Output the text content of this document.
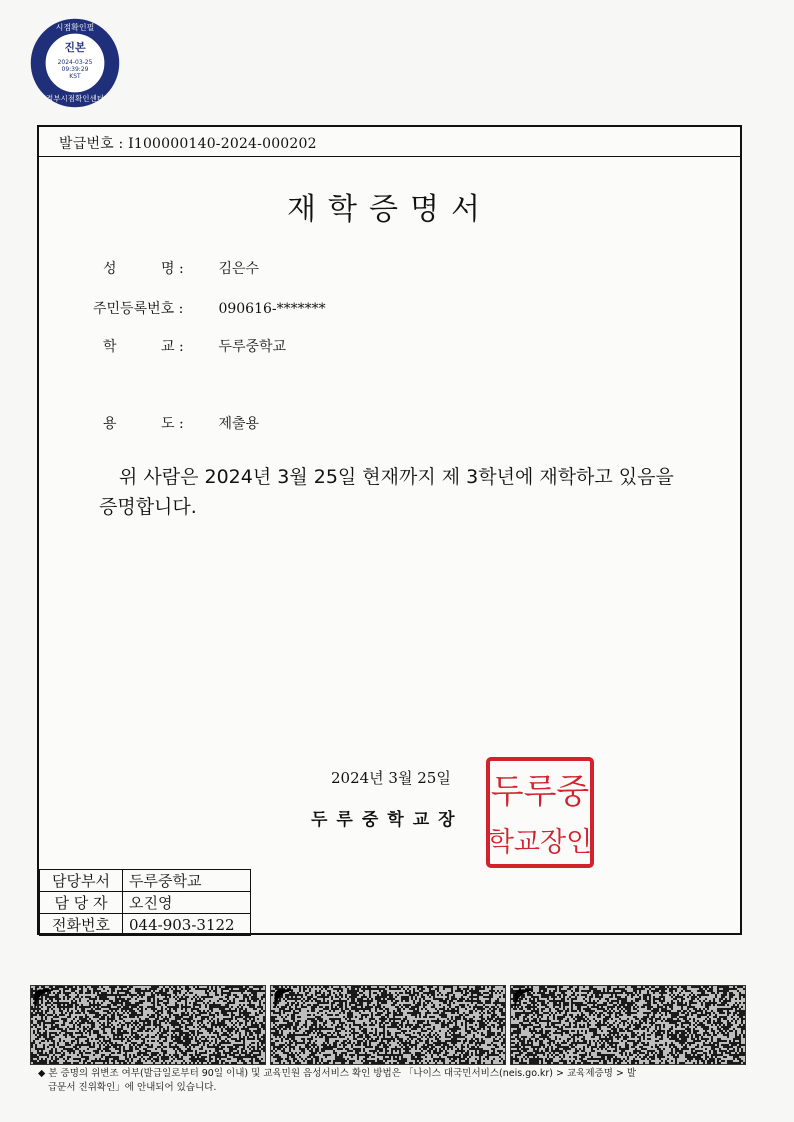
시점확인필
진본
2024-03-25
09:39:29
KST
정부시점확인센터
발급번호 : I100000140-2024-000202
재학증명서
성          명 : 김은수
주민등록번호 :	090616-*******
학          교 : 두루중학교
용          도 : 제출용
위 사람은 2024년 3월 25일 현재까지 제 3학년에 재학하고 있음을
증명합니다.
2024년 3월 25일
두루중학교장
두루중
학교장인
담당부서	두루중학교
담 당 자	오진영
전화번호	044-903-3122
◆ 본 증명의 위변조 여부(발급일로부터 90일 이내) 및 교육민원 음성서비스 확인 방법은 「나이스 대국민서비스(neis.go.kr) > 교육제증명 > 발
급문서 진위확인」에 안내되어 있습니다.
